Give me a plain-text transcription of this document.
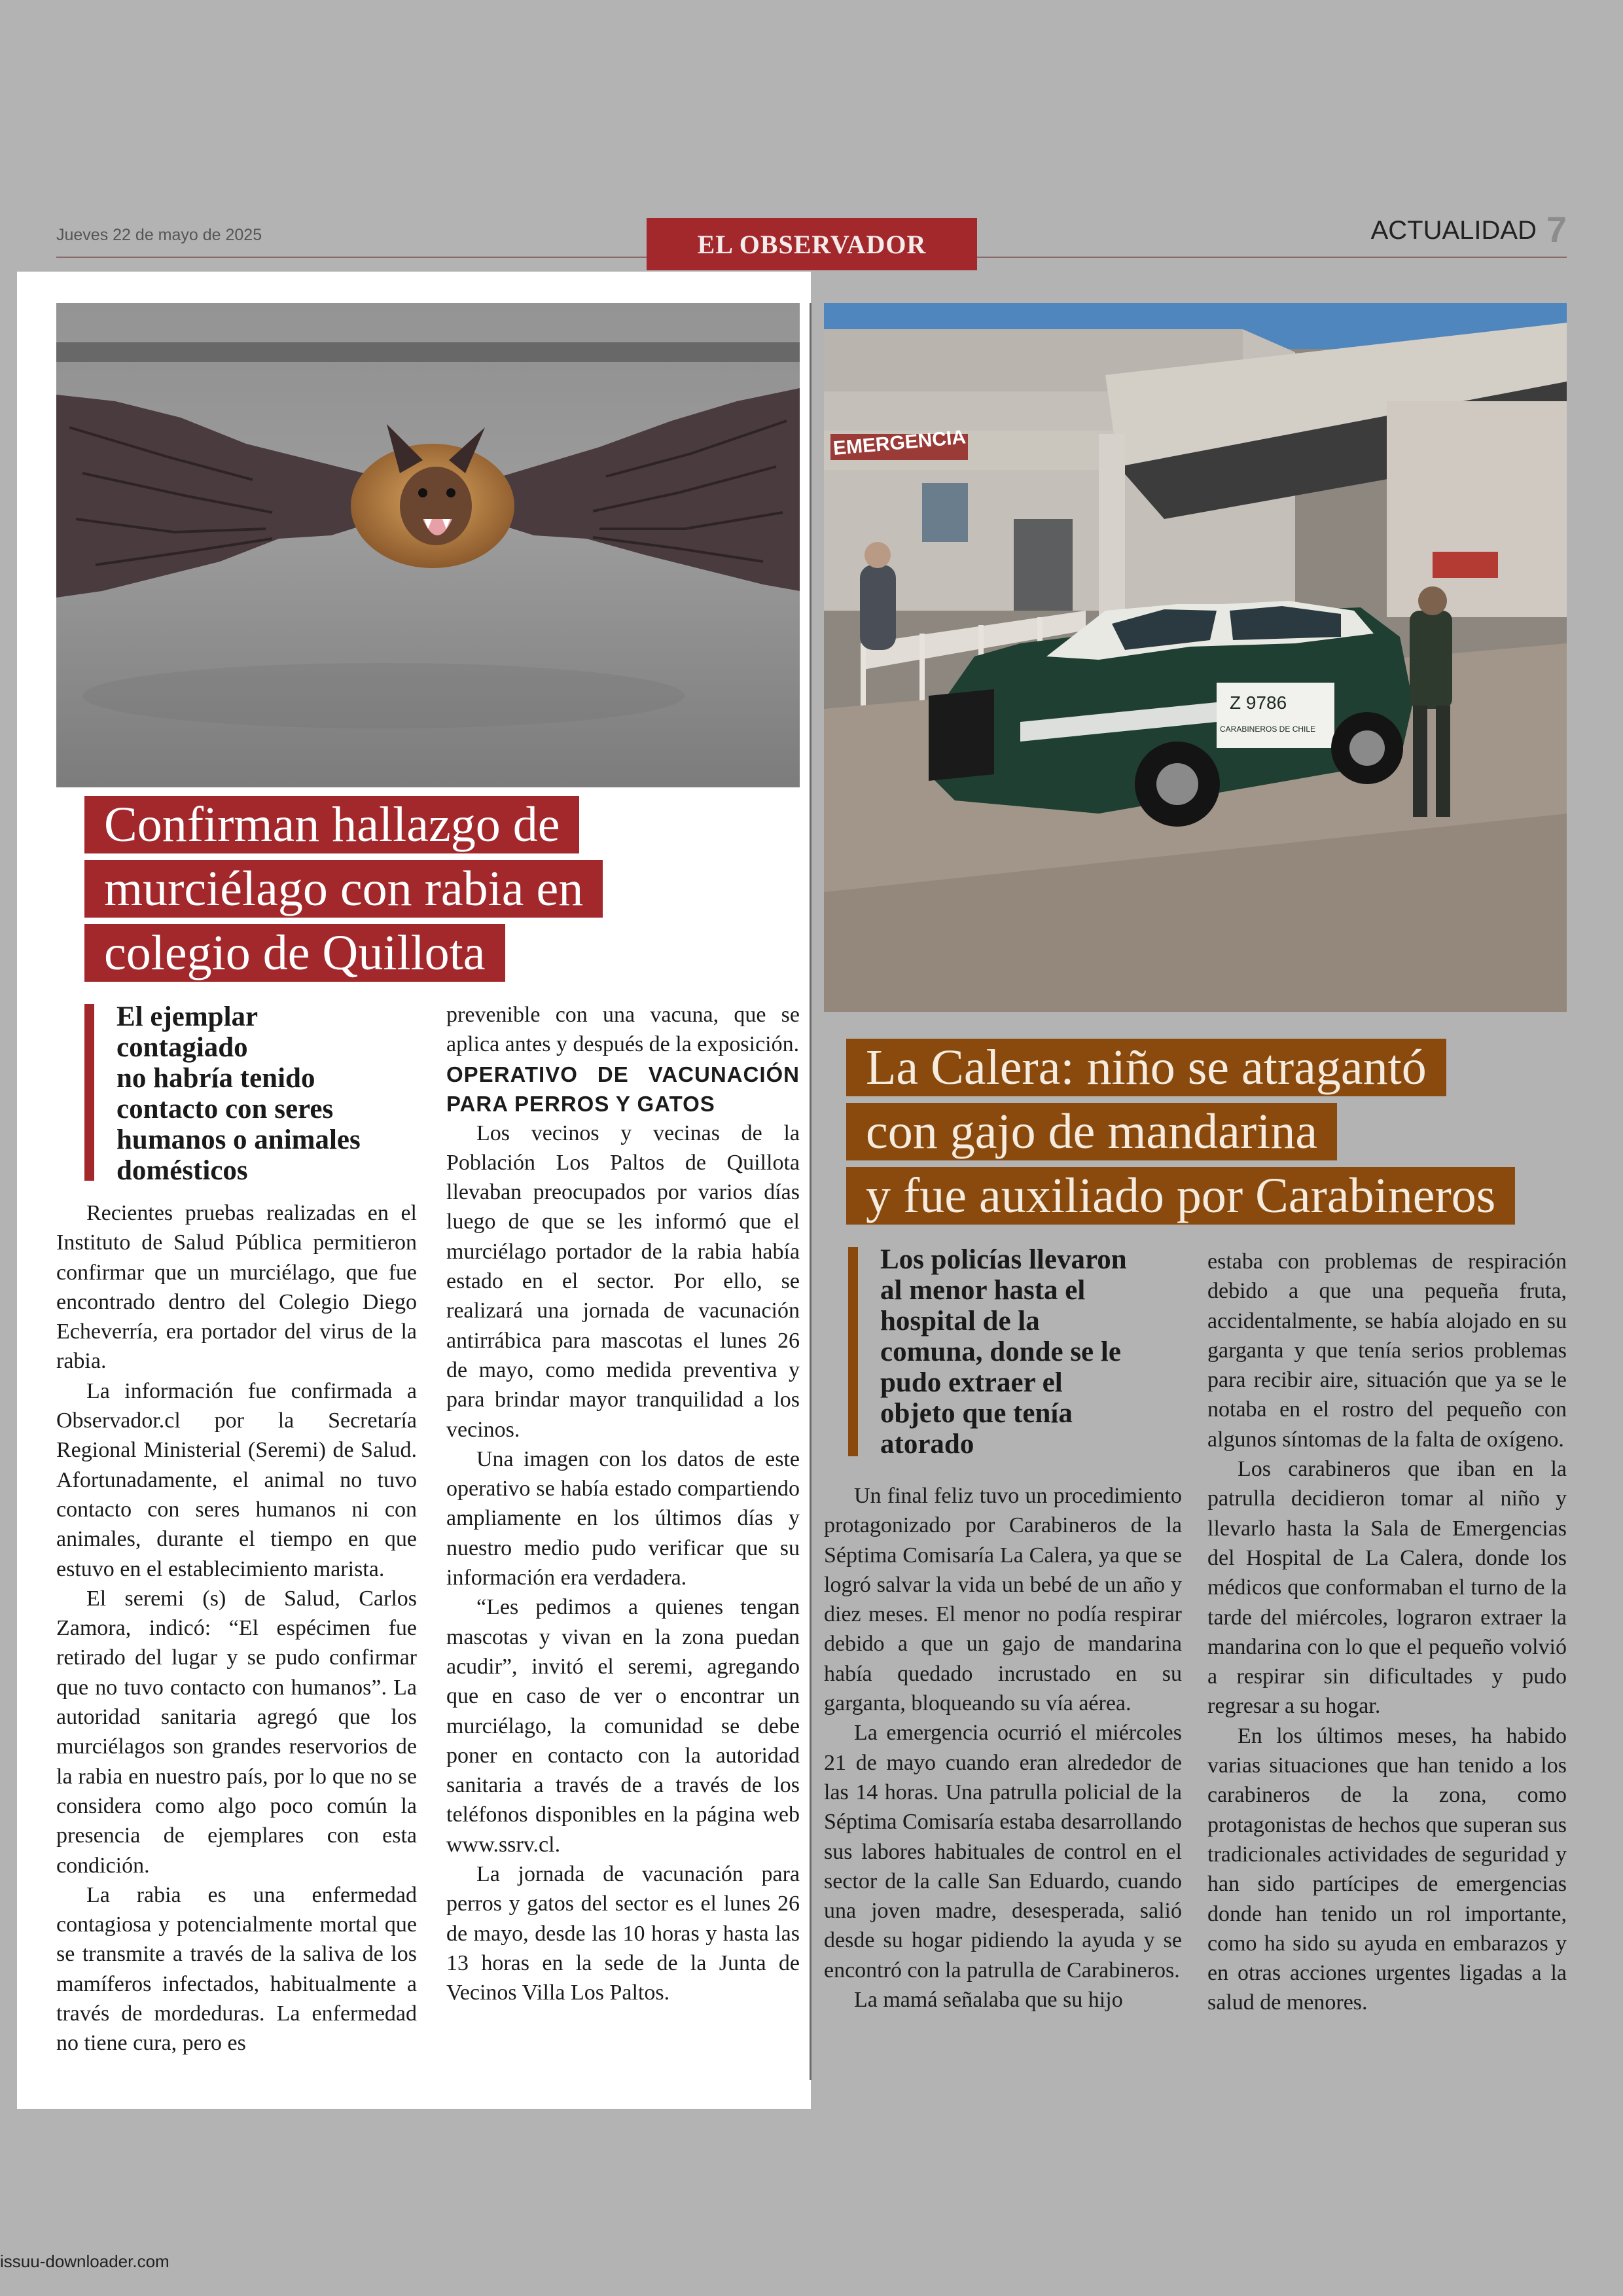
Jueves 22 de mayo de 2025	EL OBSERVADOR	ACTUALIDAD 7
EMERGENCIA
Z 9786
CARABINEROS DE CHILE
Confirman hallazgo de
murciélago con rabia en
colegio de Quillota
El ejemplar
contagiado
no habría tenido
contacto con seres
humanos o animales
domésticos

Recientes pruebas realizadas en el Instituto de Salud Pública permitieron confirmar que un murciélago, que fue encontrado dentro del Colegio Diego Echeverría, era portador del virus de la rabia.

La información fue confirmada a Observador.cl por la Secretaría Regional Ministerial (Seremi) de Salud. Afortunadamente, el animal no tuvo contacto con seres humanos ni con animales, durante el tiempo en que estuvo en el establecimiento marista.

El seremi (s) de Salud, Carlos Zamora, indicó: “El espécimen fue retirado del lugar y se pudo confirmar que no tuvo contacto con humanos”. La autoridad sanitaria agregó que los murciélagos son grandes reservorios de la rabia en nuestro país, por lo que no se considera como algo poco común la presencia de ejemplares con esta condición.

La rabia es una enfermedad contagiosa y potencialmente mortal que se transmite a través de la saliva de los mamíferos infectados, habitualmente a través de mordeduras. La enfermedad no tiene cura, pero es

prevenible con una vacuna, que se aplica antes y después de la exposición.

OPERATIVO DE VACUNACIÓN PARA PERROS Y GATOS

Los vecinos y vecinas de la Población Los Paltos de Quillota llevaban preocupados por varios días luego de que se les informó que el murciélago portador de la rabia había estado en el sector. Por ello, se realizará una jornada de vacunación antirrábica para mascotas el lunes 26 de mayo, como medida preventiva y para brindar mayor tranquilidad a los vecinos.

Una imagen con los datos de este operativo se había estado compartiendo ampliamente en los últimos días y nuestro medio pudo verificar que su información era verdadera.

“Les pedimos a quienes tengan mascotas y vivan en la zona puedan acudir”, invitó el seremi, agregando que en caso de ver o encontrar un murciélago, la comunidad se debe poner en contacto con la autoridad sanitaria a través de a través de los teléfonos disponibles en la página web www.ssrv.cl.

La jornada de vacunación para perros y gatos del sector es el lunes 26 de mayo, desde las 10 horas y hasta las 13 horas en la sede de la Junta de Vecinos Villa Los Paltos.

La Calera: niño se atragantó
con gajo de mandarina
y fue auxiliado por Carabineros
Los policías llevaron
al menor hasta el
hospital de la
comuna, donde se le
pudo extraer el
objeto que tenía
atorado

Un final feliz tuvo un procedimiento protagonizado por Carabineros de la Séptima Comisaría La Calera, ya que se logró salvar la vida un bebé de un año y diez meses. El menor no podía respirar debido a que un gajo de mandarina había quedado incrustado en su garganta, bloqueando su vía aérea.

La emergencia ocurrió el miércoles 21 de mayo cuando eran alrededor de las 14 horas. Una patrulla policial de la Séptima Comisaría estaba desarrollando sus labores habituales de control en el sector de la calle San Eduardo, cuando una joven madre, desesperada, salió desde su hogar pidiendo la ayuda y se encontró con la patrulla de Carabineros.

La mamá señalaba que su hijo

estaba con problemas de respiración debido a que una pequeña fruta, accidentalmente, se había alojado en su garganta y que tenía serios problemas para recibir aire, situación que ya se le notaba en el rostro del pequeño con algunos síntomas de la falta de oxígeno.

Los carabineros que iban en la patrulla decidieron tomar al niño y llevarlo hasta la Sala de Emergencias del Hospital de La Calera, donde los médicos que conformaban el turno de la tarde del miércoles, lograron extraer la mandarina con lo que el pequeño volvió a respirar sin dificultades y pudo regresar a su hogar.

En los últimos meses, ha habido varias situaciones que han tenido a los carabineros de la zona, como protagonistas de hechos que superan sus tradicionales actividades de seguridad y han sido partícipes de emergencias donde han tenido un rol importante, como ha sido su ayuda en embarazos y en otras acciones urgentes ligadas a la salud de menores.

issuu-downloader.com
